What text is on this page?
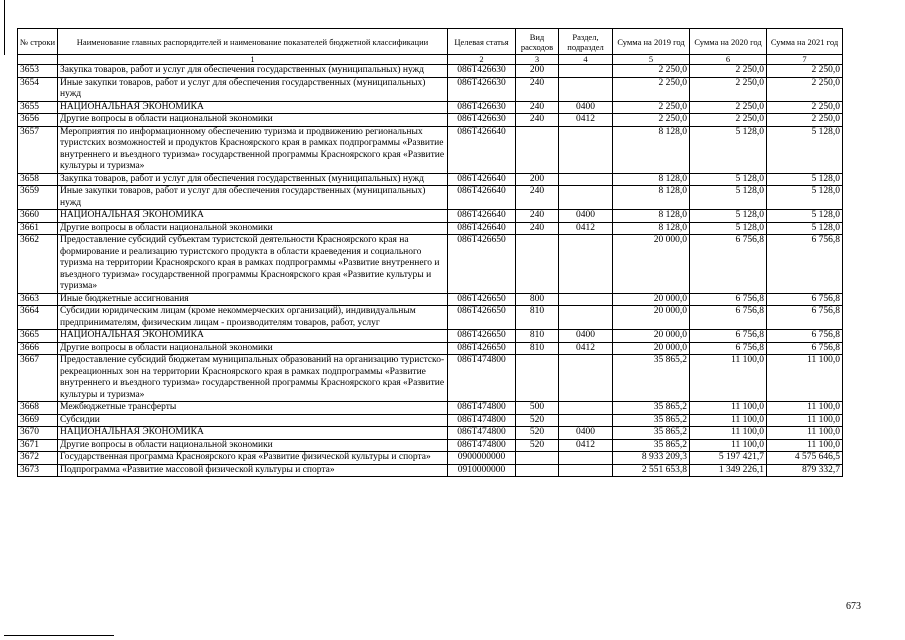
№ строки	Наименование главных распорядителей и наименование показателей бюджетной классификации	Целевая статья	Вид расходов	Раздел, подраздел	Сумма на 2019 год	Сумма на 2020 год	Сумма на 2021 год
	1	2	3	4	5	6	7
3653	Закупка товаров, работ и услуг для обеспечения государственных (муниципальных) нужд	086Т426630	200		2 250,0	2 250,0	2 250,0
3654	Иные закупки товаров, работ и услуг для обеспечения государственных (муниципальных) нужд	086Т426630	240		2 250,0	2 250,0	2 250,0
3655	НАЦИОНАЛЬНАЯ ЭКОНОМИКА	086Т426630	240	0400	2 250,0	2 250,0	2 250,0
3656	Другие вопросы в области национальной экономики	086Т426630	240	0412	2 250,0	2 250,0	2 250,0
3657	Мероприятия по информационному обеспечению туризма и продвижению региональных туристских возможностей и продуктов Красноярского края в рамках подпрограммы «Развитие внутреннего и въездного туризма» государственной программы Красноярского края «Развитие культуры и туризма»	086Т426640			8 128,0	5 128,0	5 128,0
3658	Закупка товаров, работ и услуг для обеспечения государственных (муниципальных) нужд	086Т426640	200		8 128,0	5 128,0	5 128,0
3659	Иные закупки товаров, работ и услуг для обеспечения государственных (муниципальных) нужд	086Т426640	240		8 128,0	5 128,0	5 128,0
3660	НАЦИОНАЛЬНАЯ ЭКОНОМИКА	086Т426640	240	0400	8 128,0	5 128,0	5 128,0
3661	Другие вопросы в области национальной экономики	086Т426640	240	0412	8 128,0	5 128,0	5 128,0
3662	Предоставление субсидий субъектам туристской деятельности Красноярского края на формирование и реализацию туристского продукта в области краеведения и социального туризма на территории Красноярского края в рамках подпрограммы «Развитие внутреннего и въездного туризма» государственной программы Красноярского края «Развитие культуры и туризма»	086Т426650			20 000,0	6 756,8	6 756,8
3663	Иные бюджетные ассигнования	086Т426650	800		20 000,0	6 756,8	6 756,8
3664	Субсидии юридическим лицам (кроме некоммерческих организаций), индивидуальным предпринимателям, физическим лицам - производителям товаров, работ, услуг	086Т426650	810		20 000,0	6 756,8	6 756,8
3665	НАЦИОНАЛЬНАЯ ЭКОНОМИКА	086Т426650	810	0400	20 000,0	6 756,8	6 756,8
3666	Другие вопросы в области национальной экономики	086Т426650	810	0412	20 000,0	6 756,8	6 756,8
3667	Предоставление субсидий бюджетам муниципальных образований на организацию туристско-рекреационных зон на территории Красноярского края в рамках подпрограммы «Развитие внутреннего и въездного туризма» государственной программы Красноярского края «Развитие культуры и туризма»	086Т474800			35 865,2	11 100,0	11 100,0
3668	Межбюджетные трансферты	086Т474800	500		35 865,2	11 100,0	11 100,0
3669	Субсидии	086Т474800	520		35 865,2	11 100,0	11 100,0
3670	НАЦИОНАЛЬНАЯ ЭКОНОМИКА	086Т474800	520	0400	35 865,2	11 100,0	11 100,0
3671	Другие вопросы в области национальной экономики	086Т474800	520	0412	35 865,2	11 100,0	11 100,0
3672	Государственная программа Красноярского края «Развитие физической культуры и спорта»	0900000000			8 933 209,3	5 197 421,7	4 575 646,5
3673	Подпрограмма «Развитие массовой физической культуры и спорта»	0910000000			2 551 653,8	1 349 226,1	879 332,7
673
